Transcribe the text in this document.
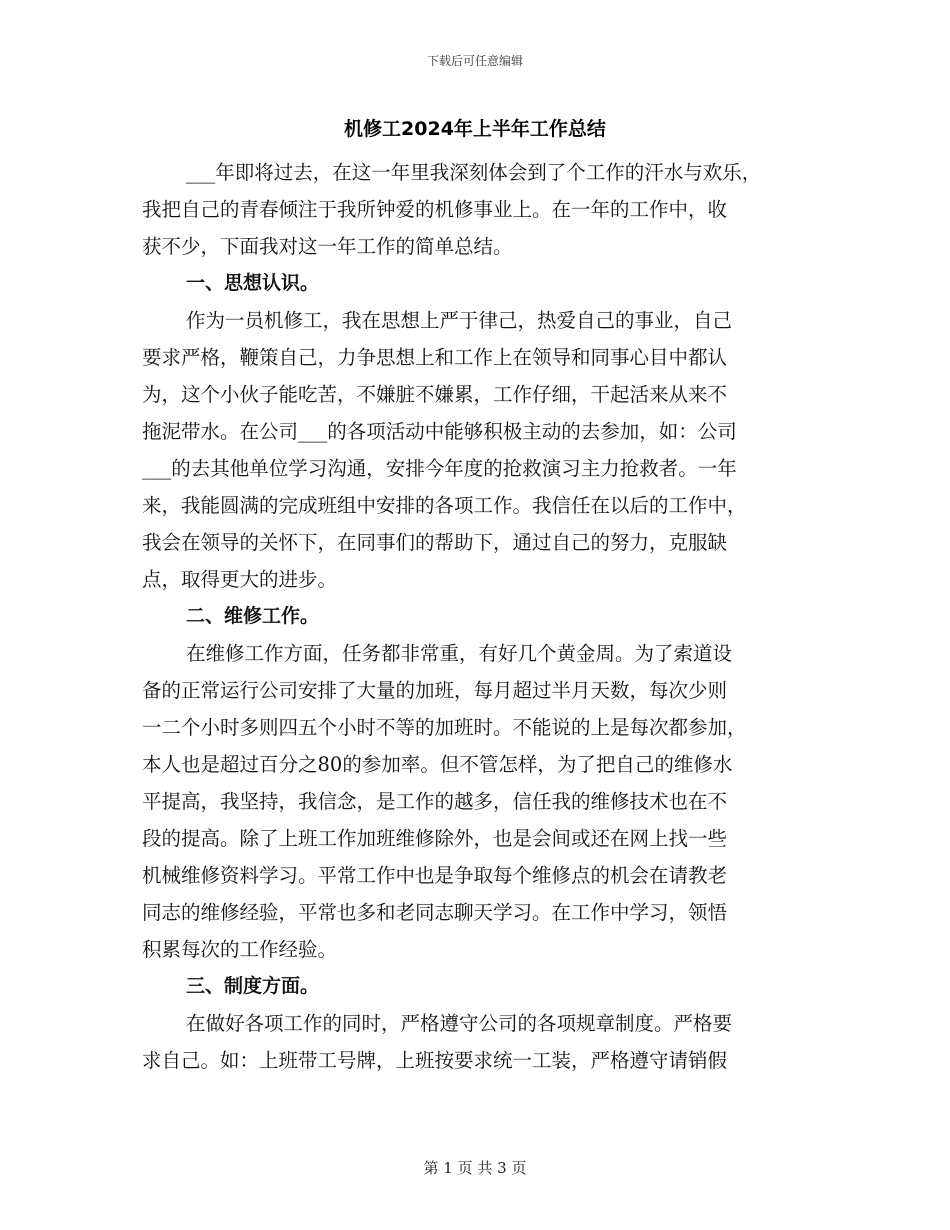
下载后可任意编辑
机修工2024年上半年工作总结
___年即将过去，在这一年里我深刻体会到了个工作的汗水与欢乐，
我把自己的青春倾注于我所钟爱的机修事业上。在一年的工作中，收
获不少，下面我对这一年工作的简单总结。
一、思想认识。
作为一员机修工，我在思想上严于律己，热爱自己的事业，自己
要求严格，鞭策自己，力争思想上和工作上在领导和同事心目中都认
为，这个小伙子能吃苦，不嫌脏不嫌累，工作仔细，干起活来从来不
拖泥带水。在公司___的各项活动中能够积极主动的去参加，如：公司
___的去其他单位学习沟通，安排今年度的抢救演习主力抢救者。一年
来，我能圆满的完成班组中安排的各项工作。我信任在以后的工作中，
我会在领导的关怀下，在同事们的帮助下，通过自己的努力，克服缺
点，取得更大的进步。
二、维修工作。
在维修工作方面，任务都非常重，有好几个黄金周。为了索道设
备的正常运行公司安排了大量的加班，每月超过半月天数，每次少则
一二个小时多则四五个小时不等的加班时。不能说的上是每次都参加，
本人也是超过百分之80的参加率。但不管怎样，为了把自己的维修水
平提高，我坚持，我信念，是工作的越多，信任我的维修技术也在不
段的提高。除了上班工作加班维修除外，也是会间或还在网上找一些
机械维修资料学习。平常工作中也是争取每个维修点的机会在请教老
同志的维修经验，平常也多和老同志聊天学习。在工作中学习，领悟
积累每次的工作经验。
三、制度方面。
在做好各项工作的同时，严格遵守公司的各项规章制度。严格要
求自己。如：上班带工号牌，上班按要求统一工装，严格遵守请销假
第 1 页 共 3 页
